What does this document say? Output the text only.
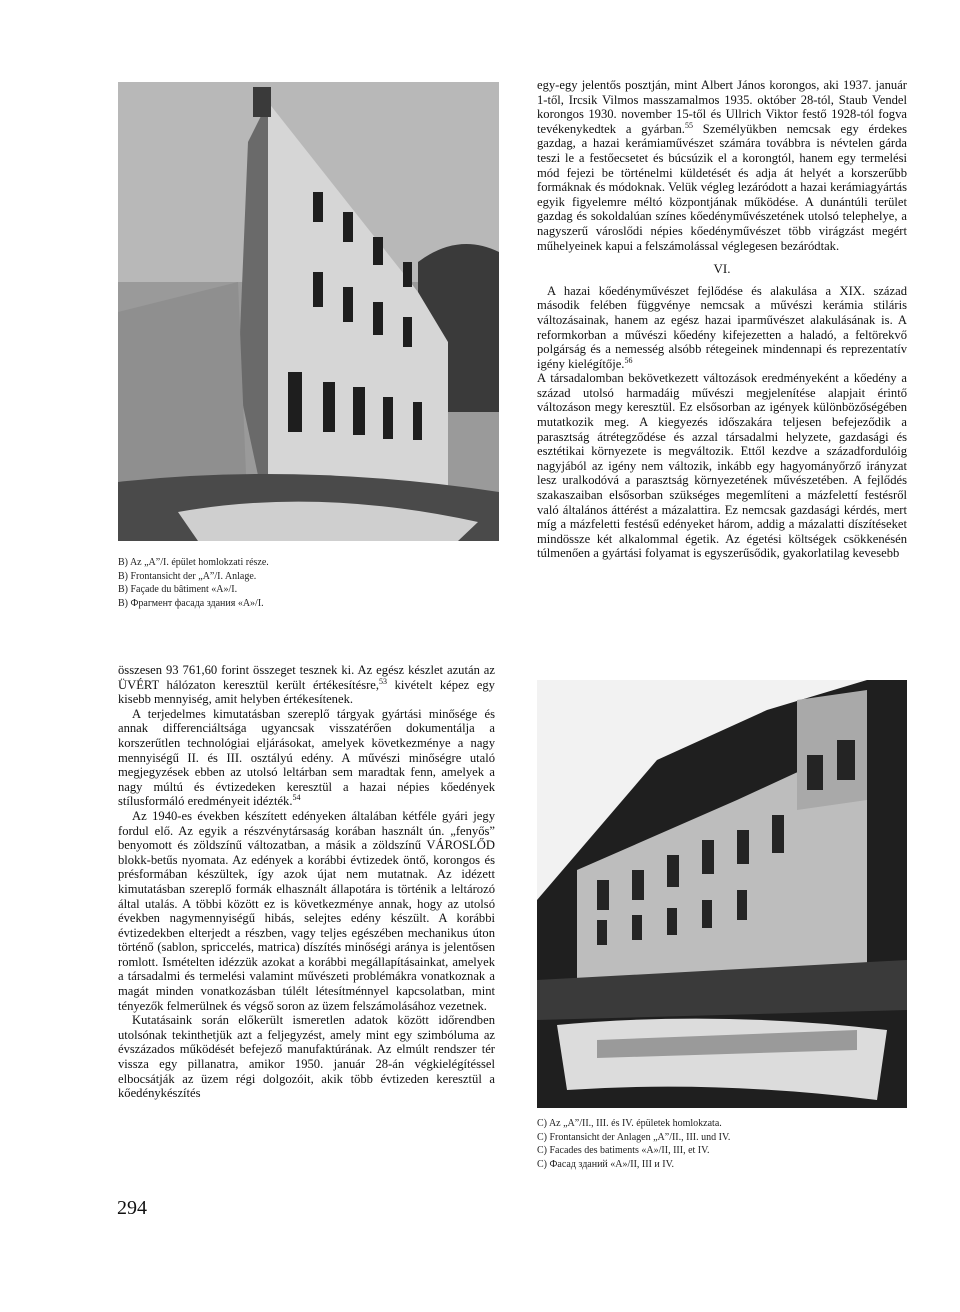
B) Az „A”/I. épület homlokzati része.
B) Frontansicht der „A”/I. Anlage.
B) Façade du bâtiment «A»/I.
B) Фрагмент фасада здания «A»/I.

egy-egy jelentős posztján, mint Albert János korongos, aki 1937. január 1-től, Ircsik Vilmos masszamalmos 1935. október 28-tól, Staub Vendel korongos 1930. november 15-től és Ullrich Viktor festő 1928-tól fogva tevékenykedtek a gyárban.$^{55}$ Személyükben nemcsak egy érdekes gazdag, a hazai kerámiaművészet számára továbbra is névtelen gárda teszi le a festőecsetet és búcsúzik el a korongtól, hanem egy termelési mód fejezi be történelmi küldetését és adja át helyét a korszerűbb formáknak és módoknak. Velük végleg lezáródott a hazai kerámiagyártás egyik figyelemre méltó központjának működése. A dunántúli terület gazdag és sokoldalúan színes kőedényművészetének utolsó telephelye, a nagyszerű városlődi népies kőedényművészet több virágzást megért műhelyeinek kapui a felszámolással véglegesen bezáródtak.

VI.

A hazai kőedényművészet fejlődése és alakulása a XIX. század második felében függvénye nemcsak a művészi kerámia stiláris változásainak, hanem az egész hazai iparművészet alakulásának is. A reformkorban a művészi kőedény kifejezetten a haladó, a feltörekvő polgárság és a nemesség alsóbb rétegeinek mindennapi és reprezentatív igény kielégítője.$^{56}$

A társadalomban bekövetkezett változások eredményeként a kőedény a század utolsó harmadáig művészi megjelenítése alapjait érintő változáson megy keresztül. Ez elsősorban az igények különbözőségében mutatkozik meg. A kiegyezés időszakára teljesen befejeződik a parasztság átrétegződése és azzal társadalmi helyzete, gazdasági és esztétikai környezete is megváltozik. Ettől kezdve a századfordulóig nagyjából az igény nem változik, inkább egy hagyományőrző irányzat lesz uralkodóvá a parasztság környezetének művészetében. A fejlődés szakaszaiban elsősorban szükséges megemlíteni a mázfelettí festésről való általános áttérést a mázalattira. Ez nemcsak gazdasági kérdés, mert míg a mázfeletti festésű edényeket három, addig a mázalatti díszítéseket mindössze két alkalommal égetik. Az égetési költségek csökkenésén túlmenően a gyártási folyamat is egyszerűsődik, gyakorlatilag kevesebb

összesen 93 761,60 forint összeget tesznek ki. Az egész készlet azután az ÜVÉRT hálózaton keresztül került értékesítésre,$^{53}$ kivételt képez egy kisebb mennyiség, amit helyben értékesítenek.

A terjedelmes kimutatásban szereplő tárgyak gyártási minősége és annak differenciáltsága ugyancsak visszatérően dokumentálja a korszerűtlen technológiai eljárásokat, amelyek következménye a nagy mennyiségű II. és III. osztályú edény. A művészi minőségre utaló megjegyzések ebben az utolsó leltárban sem maradtak fenn, amelyek a nagy múltú és évtizedeken keresztül a hazai népies kőedények stílusformáló eredményeit idézték.$^{54}$

Az 1940-es években készített edényeken általában kétféle gyári jegy fordul elő. Az egyik a részvénytársaság korában használt ún. „fenyős” benyomott és zöldszínű változatban, a másik a zöldszínű VÁROSLŐD blokk-betűs nyomata. Az edények a korábbi évtizedek öntő, korongos és présformában készültek, így azok újat nem mutatnak. Az idézett kimutatásban szereplő formák elhasznált állapotára is történik a leltározó által utalás. A többi között ez is következménye annak, hogy az utolsó években nagymennyiségű hibás, selejtes edény készült. A korábbi évtizedekben elterjedt a részben, vagy teljes egészében mechanikus úton történő (sablon, spriccelés, matrica) díszítés minőségi aránya is jelentősen romlott. Ismételten idézzük azokat a korábbi megállapításainkat, amelyek a társadalmi és termelési valamint művészeti problémákra vonatkoznak a magát minden vonatkozásban túlélt létesítménnyel kapcsolatban, mint tényezők felmerülnek és végső soron az üzem felszámolásához vezetnek.

Kutatásaink során előkerült ismeretlen adatok között időrendben utolsónak tekinthetjük azt a feljegyzést, amely mint egy szimbóluma az évszázados működését befejező manufaktúrának. Az elmúlt rendszer tér vissza egy pillanatra, amikor 1950. január 28-án végkielégítéssel elbocsátják az üzem régi dolgozóit, akik több évtizeden keresztül a kőedénykészítés

C) Az „A”/II., III. és IV. épületek homlokzata.
C) Frontansicht der Anlagen „A”/II., III. und IV.
C) Facades des batiments «A»/II, III, et IV.
C) Фасад зданий «A»/II, III и IV.
294
